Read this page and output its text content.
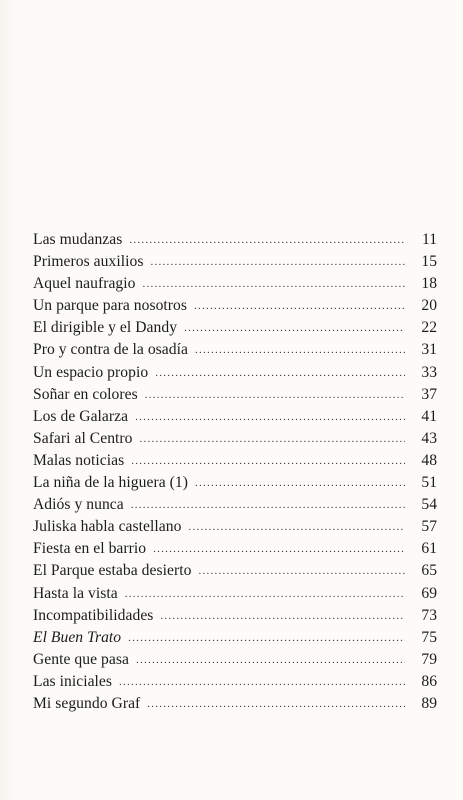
Las mudanzas . . .	11
Primeros auxilios . . .	15
Aquel naufragio . . .	18
Un parque para nosotros . . .	20
El dirigible y el Dandy . . .	22
Pro y contra de la osadía . . .	31
Un espacio propio . . .	33
Soñar en colores . . .	37
Los de Galarza . . .	41
Safari al Centro . . .	43
Malas noticias . . .	48
La niña de la higuera (1) . . .	51
Adiós y nunca . . .	54
Juliska habla castellano . . .	57
Fiesta en el barrio . . .	61
El Parque estaba desierto . . .	65
Hasta la vista . . .	69
Incompatibilidades . . .	73
El Buen Trato . . .	75
Gente que pasa . . .	79
Las iniciales . . .	86
Mi segundo Graf . . .	89
